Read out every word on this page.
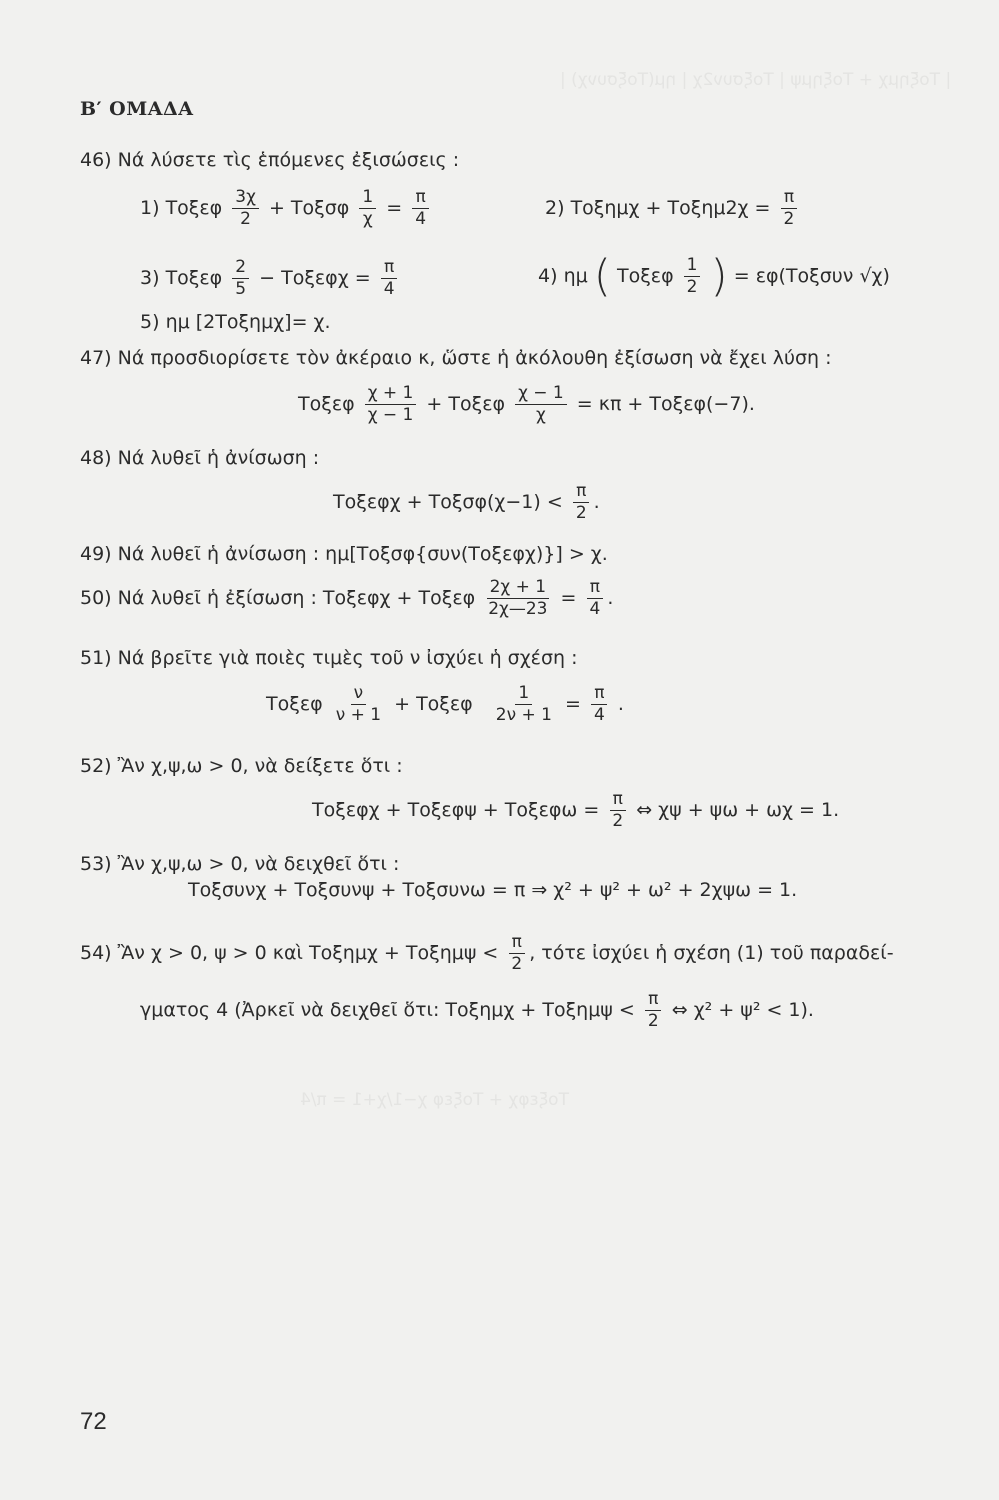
| Τοξημχ + Τοξημψ | Τοξσυν2χ | ημ(Τοξσυνχ) |
Τοξεφχ + Τοξεφ χ−1/χ+1 = π/4
Β′ ΟΜΑΔΑ
46) Νά λύσετε τὶς ἑπόμενες ἐξισώσεις :
1) Τοξεφ $\frac{3\chi}{2} + To\xi\sigma\varphi \frac{1}{\chi} = \frac{\pi}{4}$	2) $To\xi\eta\mu\chi + To\xi\eta\mu 2\chi = \frac{\pi}{2}$
3) Τοξεφ $\frac{2}{5} - To\xi\varepsilon\varphi\chi = \frac{\pi}{4}$	4) ημ ( Τοξεφ $\frac{1}{2}$ ) = εφ(Τοξσυν √χ)
5) ημ [2Τοξημχ]= χ.
47) Νά προσδιορίσετε τὸν ἀκέραιο κ, ὥστε ἡ ἀκόλουθη ἐξίσωση νὰ ἔχει λύση :
Τοξεφ $\frac{\chi + 1}{\chi - 1} + To\xi\varepsilon\varphi \frac{\chi - 1}{\chi} = \kappa\pi + To\xi\varepsilon\varphi(-7)$.
48) Νά λυθεῖ ἡ ἀνίσωση :
$To\xi\varepsilon\varphi\chi + To\xi\sigma\varphi(\chi-1) < \frac{\pi}{2}$ .
49) Νά λυθεῖ ἡ ἀνίσωση : ημ[Τοξσφ{συν(Τοξεφχ)}] > χ.
50) Νά λυθεῖ ἡ ἐξίσωση : Τοξεφχ + Τοξεφ $\frac{2\chi + 1}{2\chi—23} = \frac{\pi}{4}$ .
51) Νά βρεῖτε γιὰ ποιὲς τιμὲς τοῦ ν ἰσχύει ἡ σχέση :
Τοξεφ $\frac{\nu}{\nu + 1} + To\xi\varepsilon\varphi \frac{1}{2\nu + 1} = \frac{\pi}{4}$ .
52) Ἂν χ,ψ,ω > 0, νὰ δείξετε ὅτι :
$To\xi\varepsilon\varphi\chi + To\xi\varepsilon\varphi\psi + To\xi\varepsilon\varphi\omega = \frac{\pi}{2}$ ⇔ χψ + ψω + ωχ = 1.
53) Ἂν χ,ψ,ω > 0, νὰ δειχθεῖ ὅτι :
Τοξσυνχ + Τοξσυνψ + Τοξσυνω = π ⇒ χ² + ψ² + ω² + 2χψω = 1.
54) Ἂν χ > 0, ψ > 0 καὶ $To\xi\eta\mu\chi + To\xi\eta\mu\psi < \frac{\pi}{2}$ , τότε ἰσχύει ἡ σχέση (1) τοῦ παραδεί-
γματος 4 (Ἀρκεῖ νὰ δειχθεῖ ὅτι: $To\xi\eta\mu\chi + To\xi\eta\mu\psi < \frac{\pi}{2}$ ⇔ χ² + ψ² < 1).
72
